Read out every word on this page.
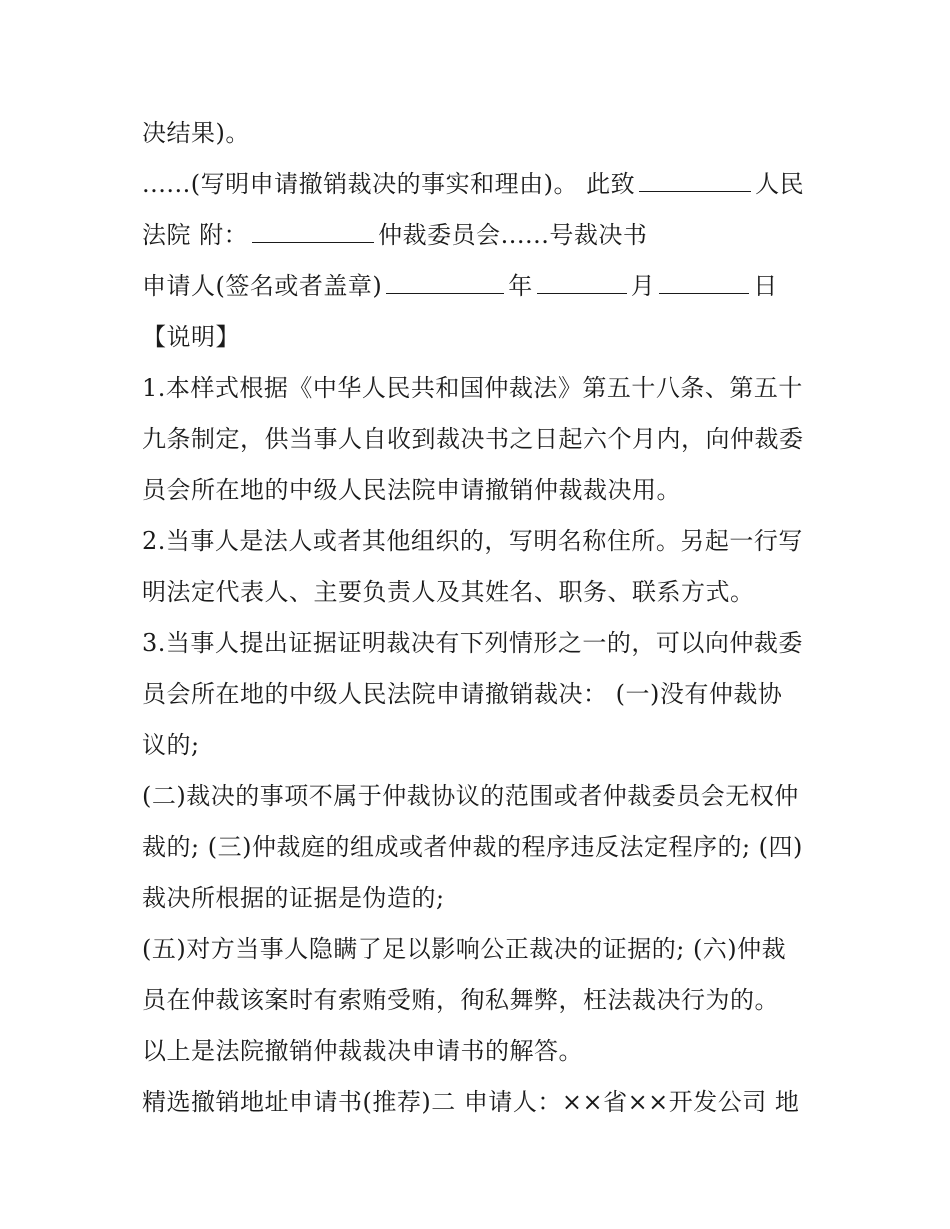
决结果)。
......(写明申请撤销裁决的事实和理由)。 此致	人民
法院 附：	仲裁委员会......号裁决书
申请人(签名或者盖章)	年	月	日
【说明】
1.本样式根据《中华人民共和国仲裁法》第五十八条、第五十
九条制定，供当事人自收到裁决书之日起六个月内，向仲裁委
员会所在地的中级人民法院申请撤销仲裁裁决用。
2.当事人是法人或者其他组织的，写明名称住所。另起一行写
明法定代表人、主要负责人及其姓名、职务、联系方式。
3.当事人提出证据证明裁决有下列情形之一的，可以向仲裁委
员会所在地的中级人民法院申请撤销裁决： (一)没有仲裁协
议的;
(二)裁决的事项不属于仲裁协议的范围或者仲裁委员会无权仲
裁的; (三)仲裁庭的组成或者仲裁的程序违反法定程序的; (四)
裁决所根据的证据是伪造的;
(五)对方当事人隐瞒了足以影响公正裁决的证据的; (六)仲裁
员在仲裁该案时有索贿受贿，徇私舞弊，枉法裁决行为的。
以上是法院撤销仲裁裁决申请书的解答。
精选撤销地址申请书(推荐)二 申请人：××省××开发公司 地
